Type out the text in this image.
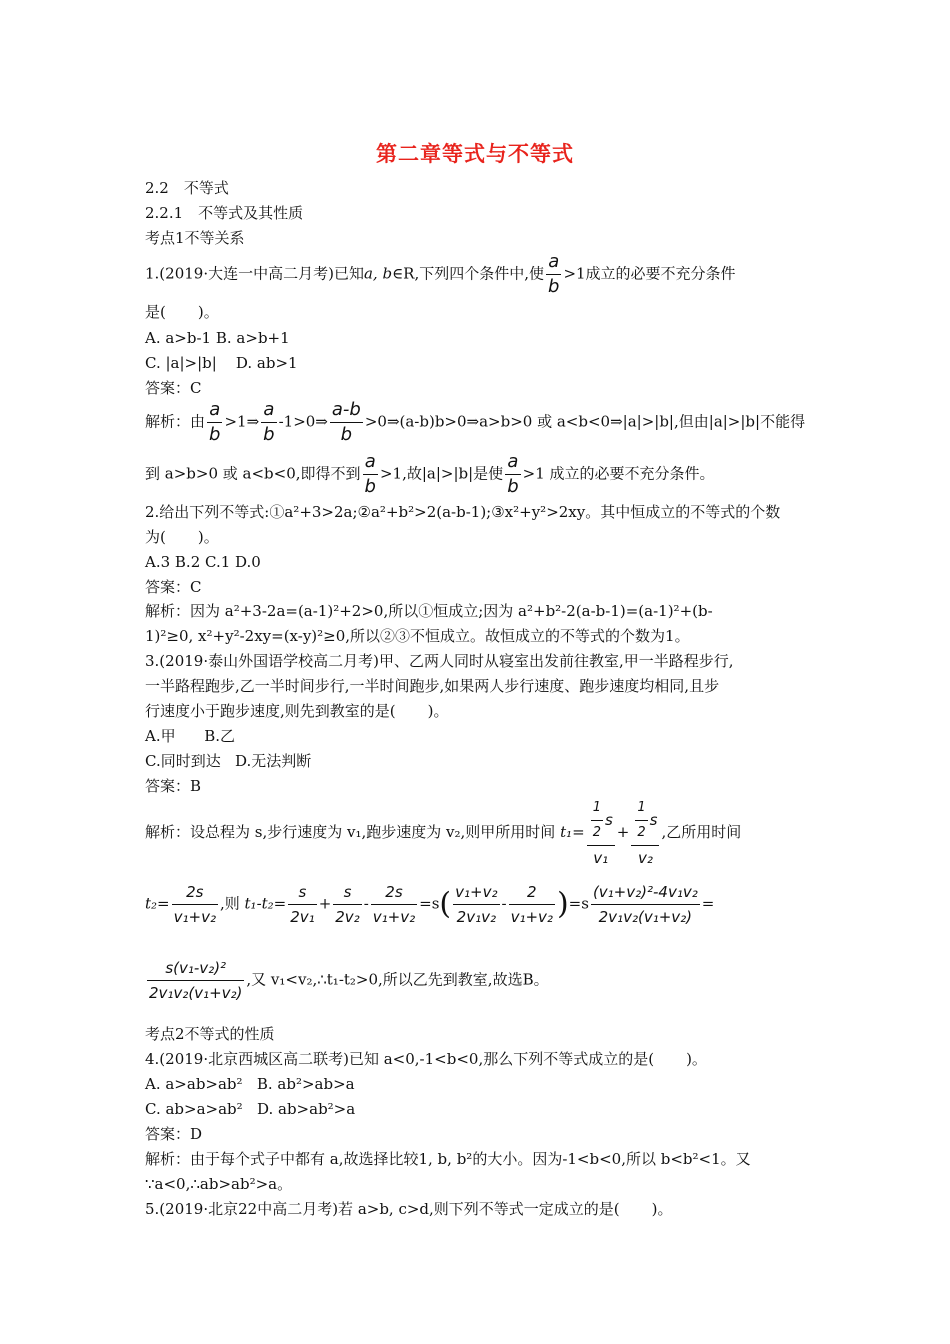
第二章等式与不等式
2.2　不等式
2.2.1　不等式及其性质
考点1不等关系
1.(2019·大连一中高二月考)已知a, b∈R,下列四个条件中,使 $\frac{a}{b} >1$成立的必要不充分条件
是( )。
A. a>b-1 B. a>b+1
C. |a|>|b| D. ab>1
答案：C
解析：由 $\frac{a}{b}$ >1⇒ $\frac{a}{b}$ -1>0⇒ $\frac{a-b}{b}$ >0⇒(a-b)b>0⇒a>b>0 或 a<b<0⇒|a|>|b|,但由|a|>|b|不能得
到 a>b>0 或 a<b<0,即得不到 $\frac{a}{b} >1$,故|a|>|b|是使 $\frac{a}{b} >1$ 成立的必要不充分条件。
2.给出下列不等式:①a²+3>2a;②a²+b²>2(a-b-1);③x²+y²>2xy。其中恒成立的不等式的个数
为( )。
A.3 B.2 C.1 D.0
答案：C
解析：因为 a²+3-2a=(a-1)²+2>0,所以①恒成立;因为 a²+b²-2(a-b-1)=(a-1)²+(b-
1)²≥0, x²+y²-2xy=(x-y)²≥0,所以②③不恒成立。故恒成立的不等式的个数为1。
3.(2019·泰山外国语学校高二月考)甲、乙两人同时从寝室出发前往教室,甲一半路程步行,
一半路程跑步,乙一半时间步行,一半时间跑步,如果两人步行速度、跑步速度均相同,且步
行速度小于跑步速度,则先到教室的是( )。
A.甲 B.乙
C.同时到达 D.无法判断
答案：B
解析：设总程为 s,步行速度为 v₁,跑步速度为 v₂,则甲所用时间 $t_1= \frac{\frac{1}{2} s}{\text{v₁}} + \frac{\frac{1}{2} s}{\text{v₂}}$ ,乙所用时间
$t_2= \frac{2s}{\text{v₁+v₂}}$ ,则 $t_1-t_2= \frac{s}{\text{2v₁}} + \frac{s}{\text{2v₂}} - \frac{2s}{\text{v₁+v₂}} =s( \frac{\text{v₁+v₂}}{\text{2v₁v₂}} - \frac{2}{\text{v₁+v₂}} )=s \frac{\text{(v₁+v₂)²-4v₁v₂}}{\text{2v₁v₂(v₁+v₂)}}$ =
$\frac{\text{s(v₁-v₂)²}}{\text{2v₁v₂(v₁+v₂)}}$ ,又 v₁<v₂,∴t₁-t₂>0,所以乙先到教室,故选B。
考点2不等式的性质
4.(2019·北京西城区高二联考)已知 a<0,-1<b<0,那么下列不等式成立的是( )。
A. a>ab>ab² B. ab²>ab>a
C. ab>a>ab² D. ab>ab²>a
答案：D
解析：由于每个式子中都有 a,故选择比较1, b, b²的大小。因为-1<b<0,所以 b<b²<1。又
∵a<0,∴ab>ab²>a。
5.(2019·北京22中高二月考)若 a>b, c>d,则下列不等式一定成立的是( )。
